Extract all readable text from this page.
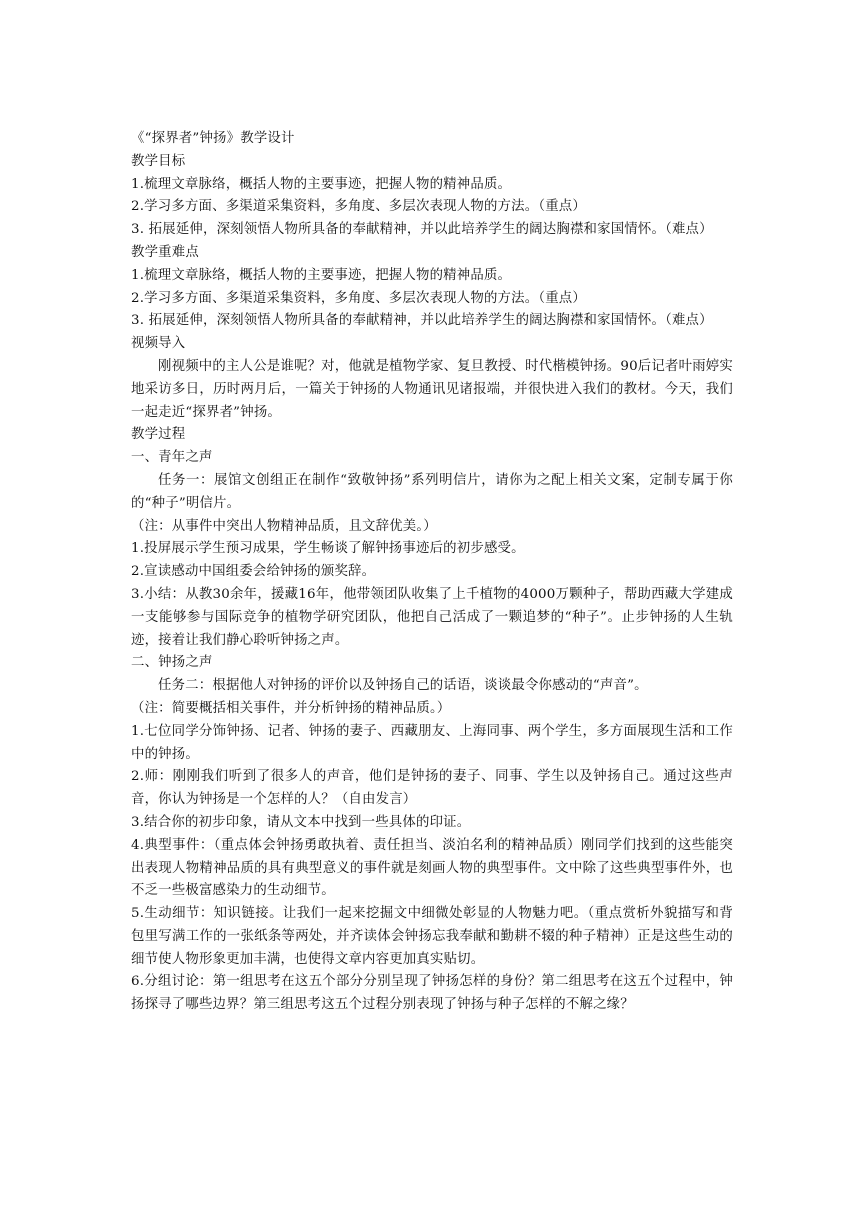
《“探界者”钟扬》教学设计

教学目标

1.梳理文章脉络，概括人物的主要事迹，把握人物的精神品质。

2.学习多方面、多渠道采集资料，多角度、多层次表现人物的方法。（重点）

3. 拓展延伸，深刻领悟人物所具备的奉献精神，并以此培养学生的阔达胸襟和家国情怀。（难点）

教学重难点

1.梳理文章脉络，概括人物的主要事迹，把握人物的精神品质。

2.学习多方面、多渠道采集资料，多角度、多层次表现人物的方法。（重点）

3. 拓展延伸，深刻领悟人物所具备的奉献精神，并以此培养学生的阔达胸襟和家国情怀。（难点）

视频导入

刚视频中的主人公是谁呢？对，他就是植物学家、复旦教授、时代楷模钟扬。90后记者叶雨婷实地采访多日，历时两月后，一篇关于钟扬的人物通讯见诸报端，并很快进入我们的教材。今天，我们一起走近“探界者”钟扬。

教学过程

一、青年之声

任务一：展馆文创组正在制作“致敬钟扬”系列明信片，请你为之配上相关文案，定制专属于你的“种子”明信片。

（注：从事件中突出人物精神品质，且文辞优美。）

1.投屏展示学生预习成果，学生畅谈了解钟扬事迹后的初步感受。

2.宣读感动中国组委会给钟扬的颁奖辞。

3.小结：从教30余年，援藏16年，他带领团队收集了上千植物的4000万颗种子，帮助西藏大学建成一支能够参与国际竞争的植物学研究团队，他把自己活成了一颗追梦的“种子”。止步钟扬的人生轨迹，接着让我们静心聆听钟扬之声。

二、钟扬之声

任务二：根据他人对钟扬的评价以及钟扬自己的话语，谈谈最令你感动的“声音”。

（注：简要概括相关事件，并分析钟扬的精神品质。）

1.七位同学分饰钟扬、记者、钟扬的妻子、西藏朋友、上海同事、两个学生，多方面展现生活和工作中的钟扬。

2.师：刚刚我们听到了很多人的声音，他们是钟扬的妻子、同事、学生以及钟扬自己。通过这些声音，你认为钟扬是一个怎样的人？（自由发言）

3.结合你的初步印象，请从文本中找到一些具体的印证。

4.典型事件：（重点体会钟扬勇敢执着、责任担当、淡泊名利的精神品质）刚同学们找到的这些能突出表现人物精神品质的具有典型意义的事件就是刻画人物的典型事件。文中除了这些典型事件外，也不乏一些极富感染力的生动细节。

5.生动细节：知识链接。让我们一起来挖掘文中细微处彰显的人物魅力吧。（重点赏析外貌描写和背包里写满工作的一张纸条等两处，并齐读体会钟扬忘我奉献和勤耕不辍的种子精神）正是这些生动的细节使人物形象更加丰满，也使得文章内容更加真实贴切。

6.分组讨论：第一组思考在这五个部分分别呈现了钟扬怎样的身份？第二组思考在这五个过程中，钟扬探寻了哪些边界？第三组思考这五个过程分别表现了钟扬与种子怎样的不解之缘？
